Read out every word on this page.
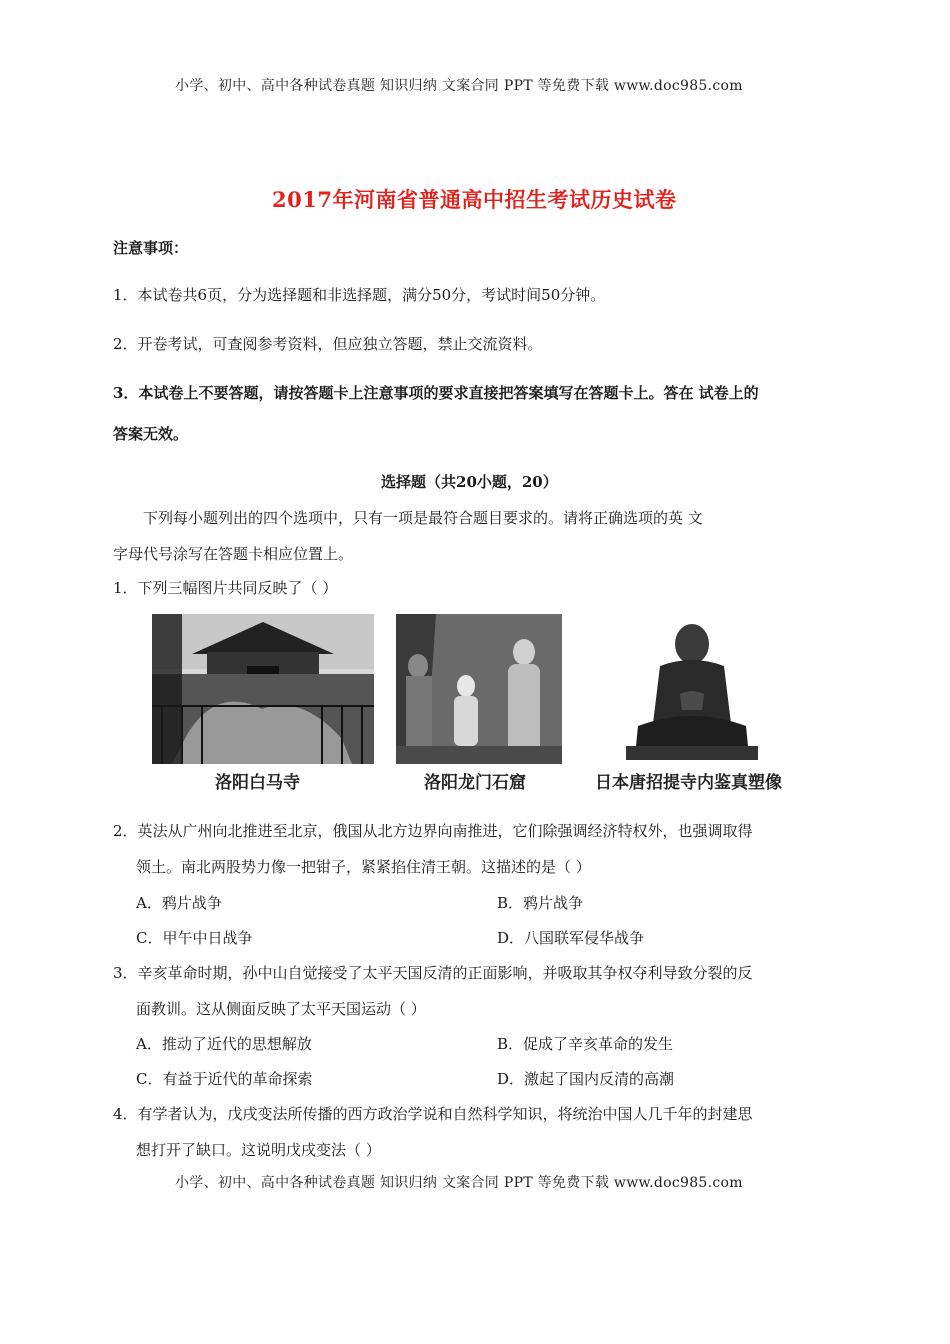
小学、初中、高中各种试卷真题 知识归纳 文案合同 PPT 等免费下载 www.doc985.com
2017年河南省普通高中招生考试历史试卷
注意事项：
1．本试卷共6页，分为选择题和非选择题，满分50分，考试时间50分钟。
2．开卷考试，可查阅参考资料，但应独立答题，禁止交流资料。
3．本试卷上不要答题，请按答题卡上注意事项的要求直接把答案填写在答题卡上。答在 试卷上的
答案无效。
选择题（共20小题，20）
下列每小题列出的四个选项中，只有一项是最符合题目要求的。请将正确选项的英 文
字母代号涂写在答题卡相应位置上。
1．下列三幅图片共同反映了（ ）
洛阳白马寺	洛阳龙门石窟	日本唐招提寺内鉴真塑像
2．英法从广州向北推进至北京，俄国从北方边界向南推进，它们除强调经济特权外，也强调取得
领土。南北两股势力像一把钳子，紧紧掐住清王朝。这描述的是（ ）
A．鸦片战争	B．鸦片战争
C．甲午中日战争	D．八国联军侵华战争
3．辛亥革命时期，孙中山自觉接受了太平天国反清的正面影响，并吸取其争权夺利导致分裂的反
面教训。这从侧面反映了太平天国运动（ ）
A．推动了近代的思想解放	B．促成了辛亥革命的发生
C．有益于近代的革命探索	D．激起了国内反清的高潮
4．有学者认为，戊戌变法所传播的西方政治学说和自然科学知识，将统治中国人几千年的封建思
想打开了缺口。这说明戊戌变法（ ）
小学、初中、高中各种试卷真题 知识归纳 文案合同 PPT 等免费下载 www.doc985.com
